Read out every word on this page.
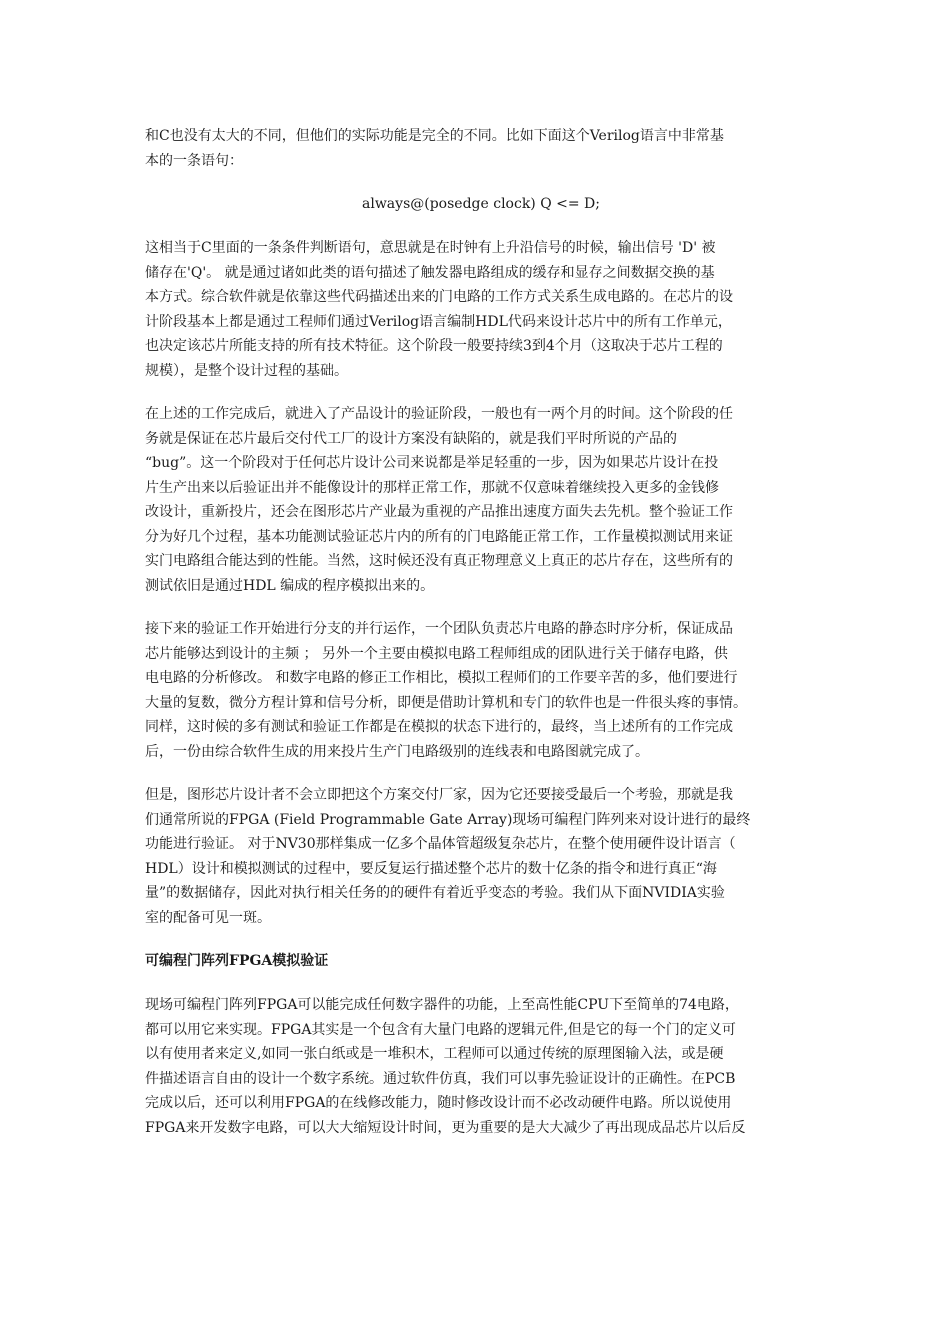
和C也没有太大的不同，但他们的实际功能是完全的不同。比如下面这个Verilog语言中非常基
本的一条语句：
always@(posedge clock) Q <= D;
这相当于C里面的一条条件判断语句，意思就是在时钟有上升沿信号的时候，输出信号 'D' 被
储存在'Q'。 就是通过诸如此类的语句描述了触发器电路组成的缓存和显存之间数据交换的基
本方式。综合软件就是依靠这些代码描述出来的门电路的工作方式关系生成电路的。在芯片的设
计阶段基本上都是通过工程师们通过Verilog语言编制HDL代码来设计芯片中的所有工作单元，
也决定该芯片所能支持的所有技术特征。这个阶段一般要持续3到4个月（这取决于芯片工程的
规模），是整个设计过程的基础。
在上述的工作完成后，就进入了产品设计的验证阶段，一般也有一两个月的时间。这个阶段的任
务就是保证在芯片最后交付代工厂的设计方案没有缺陷的，就是我们平时所说的产品的
“bug”。这一个阶段对于任何芯片设计公司来说都是举足轻重的一步，因为如果芯片设计在投
片生产出来以后验证出并不能像设计的那样正常工作，那就不仅意味着继续投入更多的金钱修
改设计，重新投片，还会在图形芯片产业最为重视的产品推出速度方面失去先机。整个验证工作
分为好几个过程，基本功能测试验证芯片内的所有的门电路能正常工作，工作量模拟测试用来证
实门电路组合能达到的性能。当然，这时候还没有真正物理意义上真正的芯片存在，这些所有的
测试依旧是通过HDL 编成的程序模拟出来的。
接下来的验证工作开始进行分支的并行运作，一个团队负责芯片电路的静态时序分析，保证成品
芯片能够达到设计的主频 ； 另外一个主要由模拟电路工程师组成的团队进行关于储存电路，供
电电路的分析修改。 和数字电路的修正工作相比，模拟工程师们的工作要辛苦的多，他们要进行
大量的复数，微分方程计算和信号分析，即便是借助计算机和专门的软件也是一件很头疼的事情。
同样，这时候的多有测试和验证工作都是在模拟的状态下进行的，最终，当上述所有的工作完成
后，一份由综合软件生成的用来投片生产门电路级别的连线表和电路图就完成了。
但是，图形芯片设计者不会立即把这个方案交付厂家，因为它还要接受最后一个考验，那就是我
们通常所说的FPGA (Field Programmable Gate Array)现场可编程门阵列来对设计进行的最终
功能进行验证。 对于NV30那样集成一亿多个晶体管超级复杂芯片，在整个使用硬件设计语言（
HDL）设计和模拟测试的过程中，要反复运行描述整个芯片的数十亿条的指令和进行真正“海
量”的数据储存，因此对执行相关任务的的硬件有着近乎变态的考验。我们从下面NVIDIA实验
室的配备可见一斑。
可编程门阵列FPGA模拟验证
现场可编程门阵列FPGA可以能完成任何数字器件的功能，上至高性能CPU下至简单的74电路，
都可以用它来实现。FPGA其实是一个包含有大量门电路的逻辑元件,但是它的每一个门的定义可
以有使用者来定义,如同一张白纸或是一堆积木，工程师可以通过传统的原理图输入法，或是硬
件描述语言自由的设计一个数字系统。通过软件仿真，我们可以事先验证设计的正确性。在PCB
完成以后，还可以利用FPGA的在线修改能力，随时修改设计而不必改动硬件电路。所以说使用
FPGA来开发数字电路，可以大大缩短设计时间，更为重要的是大大减少了再出现成品芯片以后反
